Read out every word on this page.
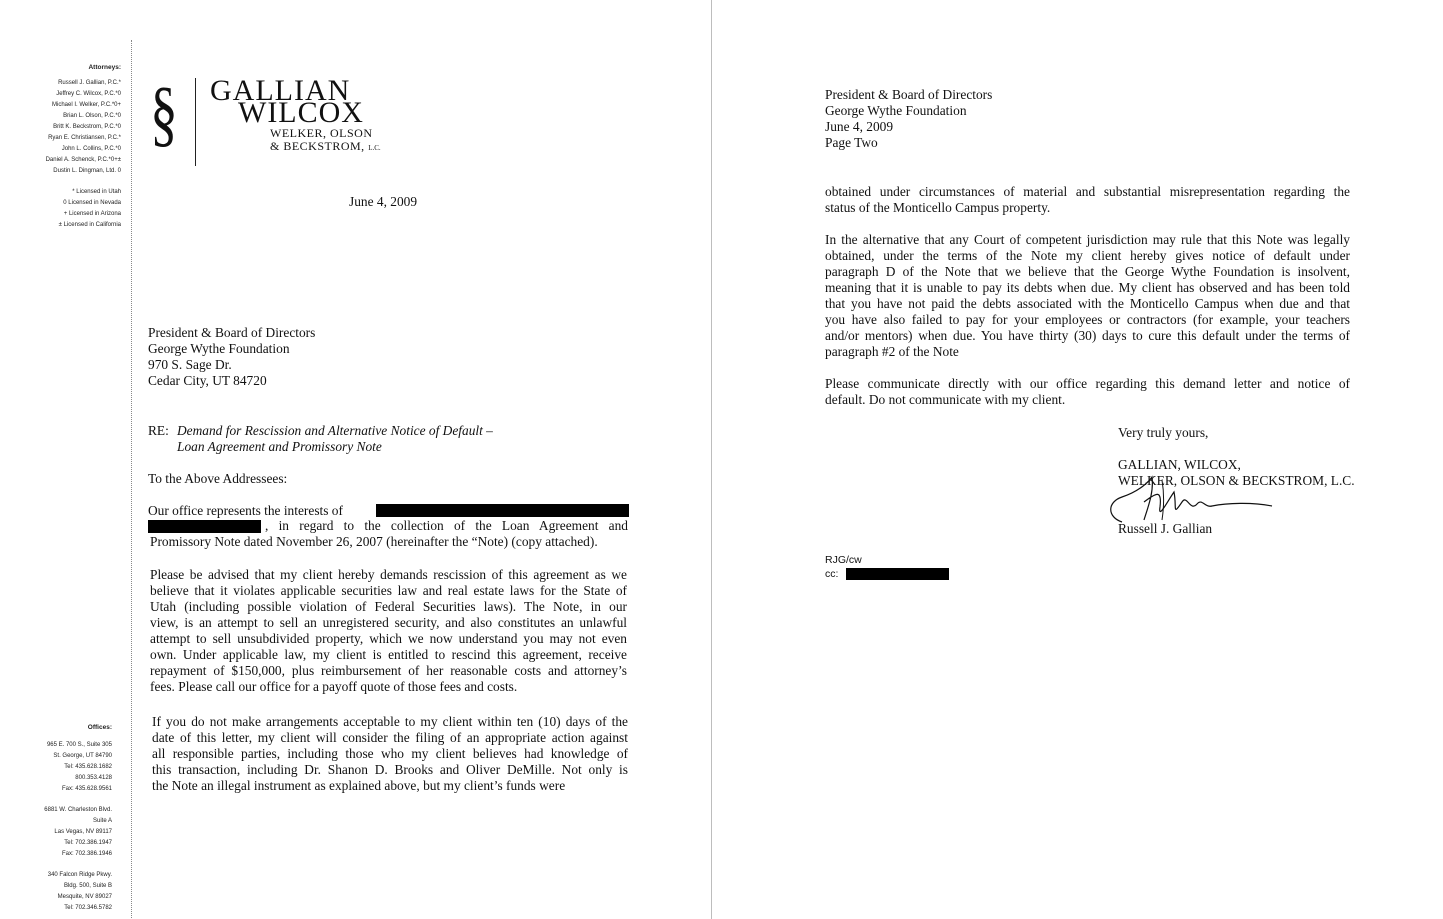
Attorneys:
Russell J. Gallian, P.C.*
Jeffrey C. Wilcox, P.C.*0
Michael I. Welker, P.C.*0+
Brian L. Olson, P.C.*0
Britt K. Beckstrom, P.C.*0
Ryan E. Christiansen, P.C.*
John L. Collins, P.C.*0
Daniel A. Schenck, P.C.*0+±
Dustin L. Dingman, Ltd. 0
* Licensed in Utah
0 Licensed in Nevada
+ Licensed in Arizona
± Licensed in California
Offices:
965 E. 700 S., Suite 305
St. George, UT 84790
Tel: 435.628.1682
800.353.4128
Fax: 435.628.9561
6881 W. Charleston Blvd.
Suite A
Las Vegas, NV 89117
Tel: 702.386.1947
Fax: 702.386.1946
340 Falcon Ridge Pkwy.
Bldg. 500, Suite B
Mesquite, NV 89027
Tel: 702.346.5782
§ GALLIAN
WILCOX
WELKER, OLSON
& BECKSTROM, L.C.
June 4, 2009
President & Board of Directors
George Wythe Foundation
970 S. Sage Dr.
Cedar City, UT 84720
RE: Demand for Rescission and Alternative Notice of Default –
Loan Agreement and Promissory Note
To the Above Addressees:
Our office represents the interests of
, in regard to the collection of the Loan Agreement and
Promissory Note dated November 26, 2007 (hereinafter the “Note) (copy attached).
Please be advised that my client hereby demands rescission of this agreement as we
believe that it violates applicable securities law and real estate laws for the State of
Utah (including possible violation of Federal Securities laws). The Note, in our
view, is an attempt to sell an unregistered security, and also constitutes an unlawful
attempt to sell unsubdivided property, which we now understand you may not even
own. Under applicable law, my client is entitled to rescind this agreement, receive
repayment of $150,000, plus reimbursement of her reasonable costs and attorney’s
fees. Please call our office for a payoff quote of those fees and costs.
If you do not make arrangements acceptable to my client within ten (10) days of the
date of this letter, my client will consider the filing of an appropriate action against
all responsible parties, including those who my client believes had knowledge of
this transaction, including Dr. Shanon D. Brooks and Oliver DeMille. Not only is
the Note an illegal instrument as explained above, but my client’s funds were
President & Board of Directors
George Wythe Foundation
June 4, 2009
Page Two
obtained under circumstances of material and substantial misrepresentation regarding the
status of the Monticello Campus property.
In the alternative that any Court of competent jurisdiction may rule that this Note was legally
obtained, under the terms of the Note my client hereby gives notice of default under
paragraph D of the Note that we believe that the George Wythe Foundation is insolvent,
meaning that it is unable to pay its debts when due. My client has observed and has been told
that you have not paid the debts associated with the Monticello Campus when due and that
you have also failed to pay for your employees or contractors (for example, your teachers
and/or mentors) when due. You have thirty (30) days to cure this default under the terms of
paragraph #2 of the Note
Please communicate directly with our office regarding this demand letter and notice of
default. Do not communicate with my client.
Very truly yours,
GALLIAN, WILCOX,
WELKER, OLSON & BECKSTROM, L.C.
Russell J. Gallian
RJG/cw
cc:
